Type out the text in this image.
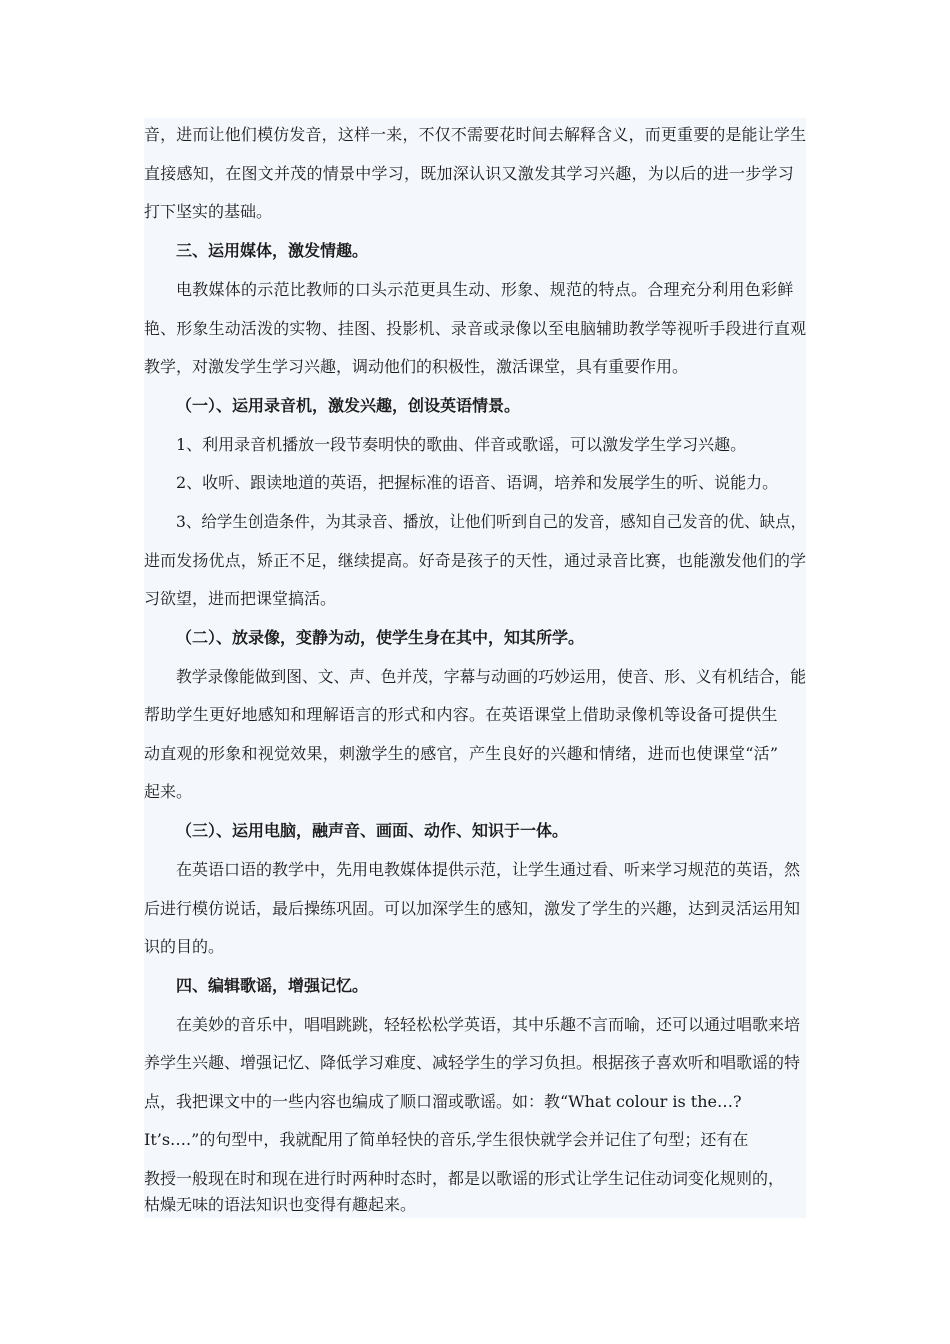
音，进而让他们模仿发音，这样一来，不仅不需要花时间去解释含义，而更重要的是能让学生
直接感知，在图文并茂的情景中学习，既加深认识又激发其学习兴趣，为以后的进一步学习
打下坚实的基础。
三、运用媒体，激发情趣。
电教媒体的示范比教师的口头示范更具生动、形象、规范的特点。合理充分利用色彩鲜
艳、形象生动活泼的实物、挂图、投影机、录音或录像以至电脑辅助教学等视听手段进行直观
教学，对激发学生学习兴趣，调动他们的积极性，激活课堂，具有重要作用。
（一）、运用录音机，激发兴趣，创设英语情景。
1、利用录音机播放一段节奏明快的歌曲、伴音或歌谣，可以激发学生学习兴趣。
2、收听、跟读地道的英语，把握标准的语音、语调，培养和发展学生的听、说能力。
3、给学生创造条件，为其录音、播放，让他们听到自己的发音，感知自己发音的优、缺点，
进而发扬优点，矫正不足，继续提高。好奇是孩子的天性，通过录音比赛，也能激发他们的学
习欲望，进而把课堂搞活。
（二）、放录像，变静为动，使学生身在其中，知其所学。
教学录像能做到图、文、声、色并茂，字幕与动画的巧妙运用，使音、形、义有机结合，能
帮助学生更好地感知和理解语言的形式和内容。在英语课堂上借助录像机等设备可提供生
动直观的形象和视觉效果，刺激学生的感官，产生良好的兴趣和情绪，进而也使课堂“活”
起来。
（三）、运用电脑，融声音、画面、动作、知识于一体。
在英语口语的教学中，先用电教媒体提供示范，让学生通过看、听来学习规范的英语，然
后进行模仿说话，最后操练巩固。可以加深学生的感知，激发了学生的兴趣，达到灵活运用知
识的目的。
四、编辑歌谣，增强记忆。
在美妙的音乐中，唱唱跳跳，轻轻松松学英语，其中乐趣不言而喻，还可以通过唱歌来培
养学生兴趣、增强记忆、降低学习难度、减轻学生的学习负担。根据孩子喜欢听和唱歌谣的特
点，我把课文中的一些内容也编成了顺口溜或歌谣。如：教“What colour is the…?
It’s….”的句型中，我就配用了简单轻快的音乐,学生很快就学会并记住了句型；还有在
教授一般现在时和现在进行时两种时态时，都是以歌谣的形式让学生记住动词变化规则的，
枯燥无味的语法知识也变得有趣起来。
